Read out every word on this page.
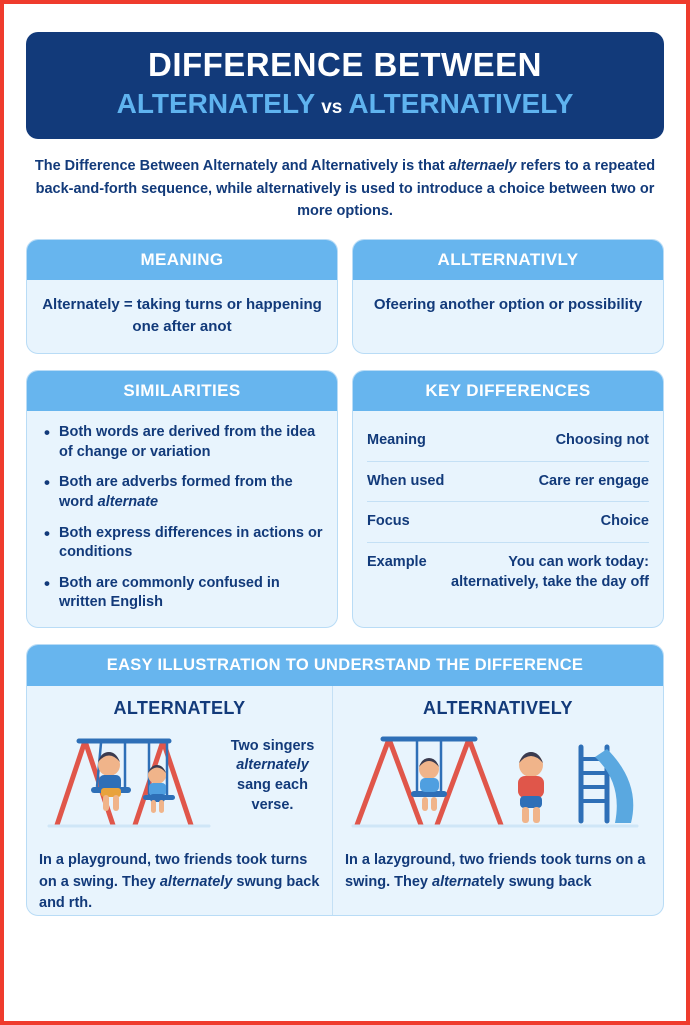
DIFFERENCE BETWEEN
ALTERNATELY vs ALTERNATIVELY
The Difference Between Alternately and Alternatively is that alternaely refers to a repeated back-and-forth sequence, while alternatively is used to introduce a choice between two or more options.
MEANING
Alternately = taking turns or happening one after anot
ALLTERNATIVLY
Ofeering another option or possibility
SIMILARITIES
• Both words are derived from the idea of change or variation
• Both are adverbs formed from the word alternate
• Both express differences in actions or conditions
• Both are commonly confused in written English
KEY DIFFERENCES
Meaning	Choosing not
When used	Care rer engage
Focus	Choice
Example	You can work today: alternatively, take the day off
EASY ILLUSTRATION TO UNDERSTAND THE DIFFERENCE
ALTERNATELY
Two singers alternately sang each verse.
In a playground, two friends took turns on a swing. They alternately swung back and rth.
ALTERNATIVELY
In a lazyground, two friends took turns on a swing. They alternately swung back
